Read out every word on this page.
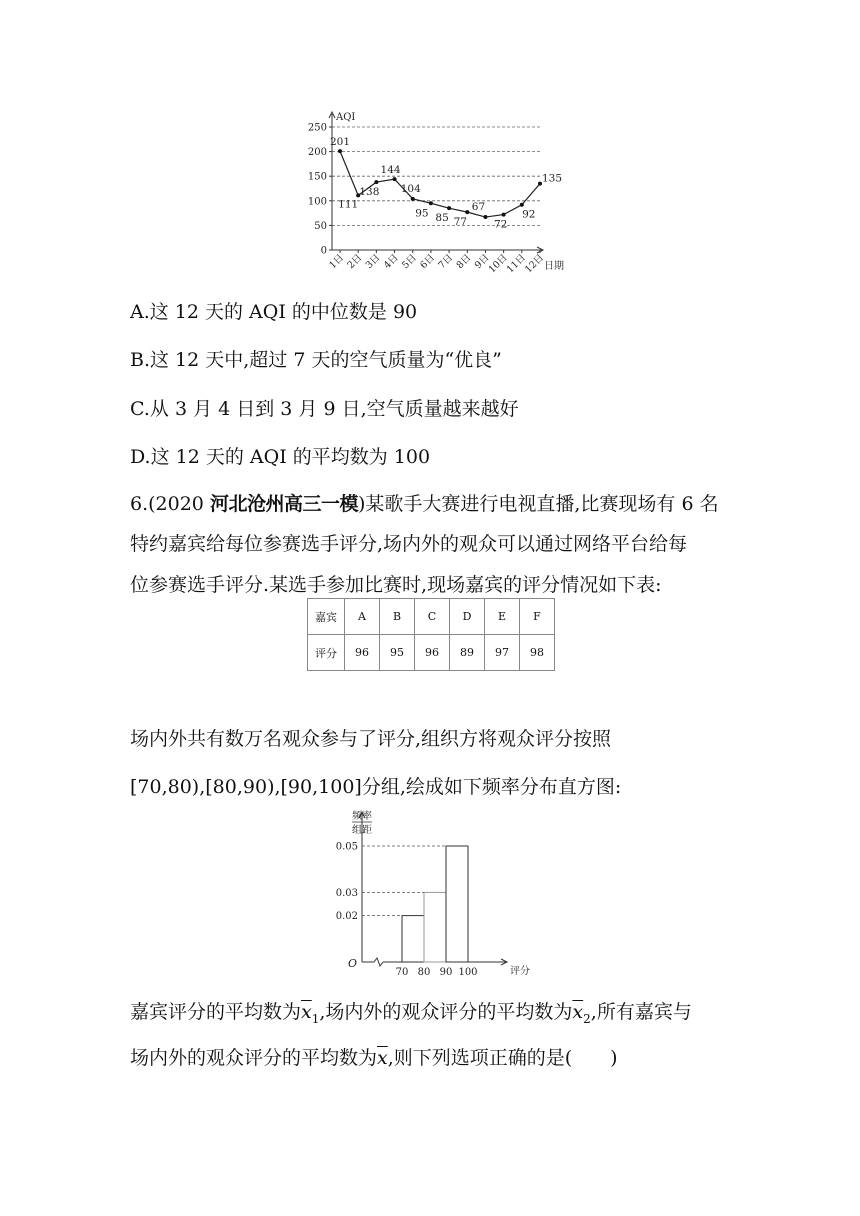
0
50
100
150
200
250
AQI
日期
1日 2日 3日 4日 5日 6日 7日 8日 9日
10日
11日
12日
201
111
138
144
104
95 85 77
67
72
92
135
A.这 12 天的 AQI 的中位数是 90
B.这 12 天中,超过 7 天的空气质量为“优良”
C.从 3 月 4 日到 3 月 9 日,空气质量越来越好
D.这 12 天的 AQI 的平均数为 100
6.(2020 河北沧州高三一模)某歌手大赛进行电视直播,比赛现场有 6 名
特约嘉宾给每位参赛选手评分,场内外的观众可以通过网络平台给每
位参赛选手评分.某选手参加比赛时,现场嘉宾的评分情况如下表:
嘉宾	A	B	C	D	E	F
评分	96	95	96	89	97	98
场内外共有数万名观众参与了评分,组织方将观众评分按照
[70,80),[80,90),[90,100]分组,绘成如下频率分布直方图:
频率
组距
评分
O
70 80 90 100
0.02
0.03
0.05
嘉宾评分的平均数为$\overline{x}_1$,场内外的观众评分的平均数为$\overline{x}_2$,所有嘉宾与
场内外的观众评分的平均数为$\overline{x}$,则下列选项正确的是(　　)
